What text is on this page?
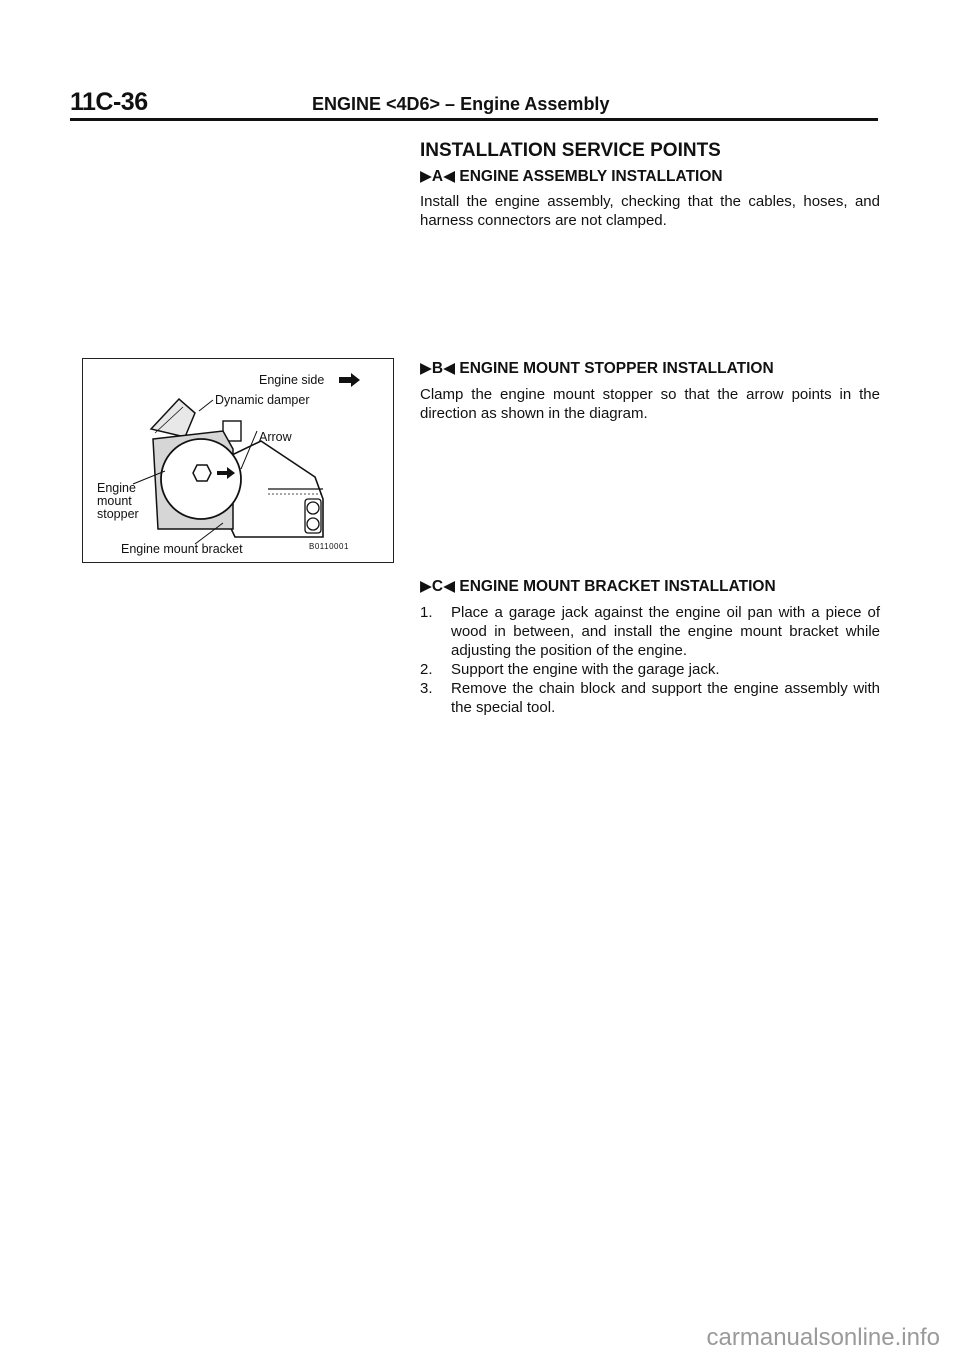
11C-36	ENGINE <4D6> – Engine Assembly
INSTALLATION SERVICE POINTS
▶A◀ ENGINE ASSEMBLY INSTALLATION
Install the engine assembly, checking that the cables, hoses, and harness connectors are not clamped.
▶B◀ ENGINE MOUNT STOPPER INSTALLATION
Clamp the engine mount stopper so that the arrow points in the direction as shown in the diagram.
▶C◀ ENGINE MOUNT BRACKET INSTALLATION
1.	Place a garage jack against the engine oil pan with a piece of wood in between, and install the engine mount bracket while adjusting the position of the engine.
2.	Support the engine with the garage jack.
3.	Remove the chain block and support the engine assembly with the special tool.
Engine side
Dynamic damper
Arrow
Engine
mount
stopper
Engine mount bracket	B0110001
carmanualsonline.info
